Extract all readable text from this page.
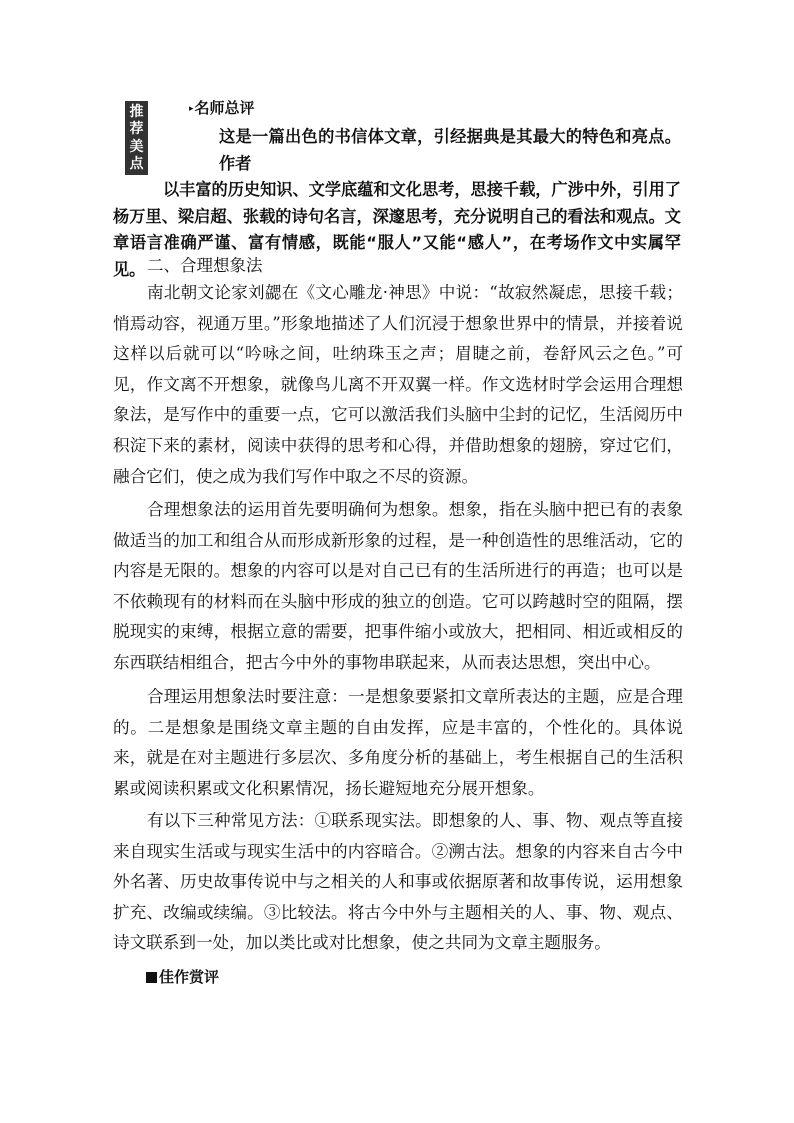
推
荐
美
点
▸名师总评
这是一篇出色的书信体文章，引经据典是其最大的特色和亮点。作者
以丰富的历史知识、文学底蕴和文化思考，思接千载，广涉中外，引用了
杨万里、梁启超、张载的诗句名言，深邃思考，充分说明自己的看法和观点。文章语言准确严谨、富有情感，既能“服人”又能“感人”，在考场作文中实属罕见。 二、合理想象法

南北朝文论家刘勰在《文心雕龙·神思》中说：“故寂然凝虑，思接千载；悄焉动容，视通万里。”形象地描述了人们沉浸于想象世界中的情景，并接着说这样以后就可以“吟咏之间，吐纳珠玉之声；眉睫之前，卷舒风云之色。”可见，作文离不开想象，就像鸟儿离不开双翼一样。作文选材时学会运用合理想象法，是写作中的重要一点，它可以激活我们头脑中尘封的记忆，生活阅历中积淀下来的素材，阅读中获得的思考和心得，并借助想象的翅膀，穿过它们，融合它们，使之成为我们写作中取之不尽的资源。

合理想象法的运用首先要明确何为想象。想象，指在头脑中把已有的表象做适当的加工和组合从而形成新形象的过程，是一种创造性的思维活动，它的内容是无限的。想象的内容可以是对自己已有的生活所进行的再造；也可以是不依赖现有的材料而在头脑中形成的独立的创造。它可以跨越时空的阻隔，摆脱现实的束缚，根据立意的需要，把事件缩小或放大，把相同、相近或相反的东西联结相组合，把古今中外的事物串联起来，从而表达思想，突出中心。

合理运用想象法时要注意：一是想象要紧扣文章所表达的主题，应是合理的。二是想象是围绕文章主题的自由发挥，应是丰富的，个性化的。具体说来，就是在对主题进行多层次、多角度分析的基础上，考生根据自己的生活积累或阅读积累或文化积累情况，扬长避短地充分展开想象。

有以下三种常见方法：①联系现实法。即想象的人、事、物、观点等直接来自现实生活或与现实生活中的内容暗合。②溯古法。想象的内容来自古今中外名著、历史故事传说中与之相关的人和事或依据原著和故事传说，运用想象扩充、改编或续编。③比较法。将古今中外与主题相关的人、事、物、观点、诗文联系到一处，加以类比或对比想象，使之共同为文章主题服务。

佳作赏评
